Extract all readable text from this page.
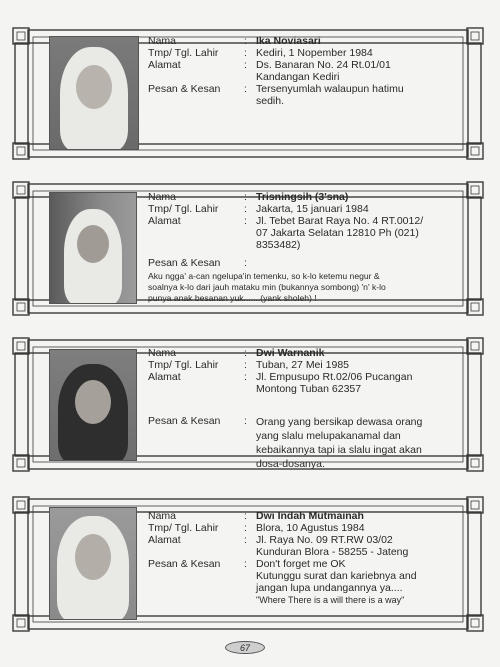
Nama	: Ika Noviasari
Tmp/ Tgl. Lahir	: Kediri, 1 Nopember 1984
Alamat	: Ds. Banaran No. 24 Rt.01/01
Kandangan Kediri
Pesan & Kesan	: Tersenyumlah walaupun hatimu
sedih.
Nama	: Trisningsih (3'sna)
Tmp/ Tgl. Lahir	: Jakarta, 15 januari 1984
Alamat	: Jl. Tebet Barat Raya No. 4 RT.0012/
07 Jakarta Selatan 12810 Ph (021)
8353482)
Pesan & Kesan	:
Aku ngga' a-can ngelupa'in temenku, so k-lo ketemu negur &
soalnya k-lo dari jauh mataku min (bukannya sombong) 'n' k-lo
punya anak besanan yuk.......(yank sholeh) !
Nama	: Dwi Warnanik
Tmp/ Tgl. Lahir	: Tuban, 27 Mei 1985
Alamat	: Jl. Empusupo Rt.02/06 Pucangan
Montong Tuban 62357
Pesan & Kesan	: Orang yang bersikap dewasa orang
yang slalu melupakanamal dan
kebaikannya tapi ia slalu ingat akan
dosa-dosanya.
Nama	: Dwi Indah Mutmainah
Tmp/ Tgl. Lahir	: Blora, 10 Agustus 1984
Alamat	: Jl. Raya No. 09 RT.RW 03/02
Kunduran Blora - 58255 - Jateng
Pesan & Kesan	: Don't forget me OK
Kutunggu surat dan kariebnya and
jangan lupa undangannya ya....
"Where There is a will there is a way"
67
